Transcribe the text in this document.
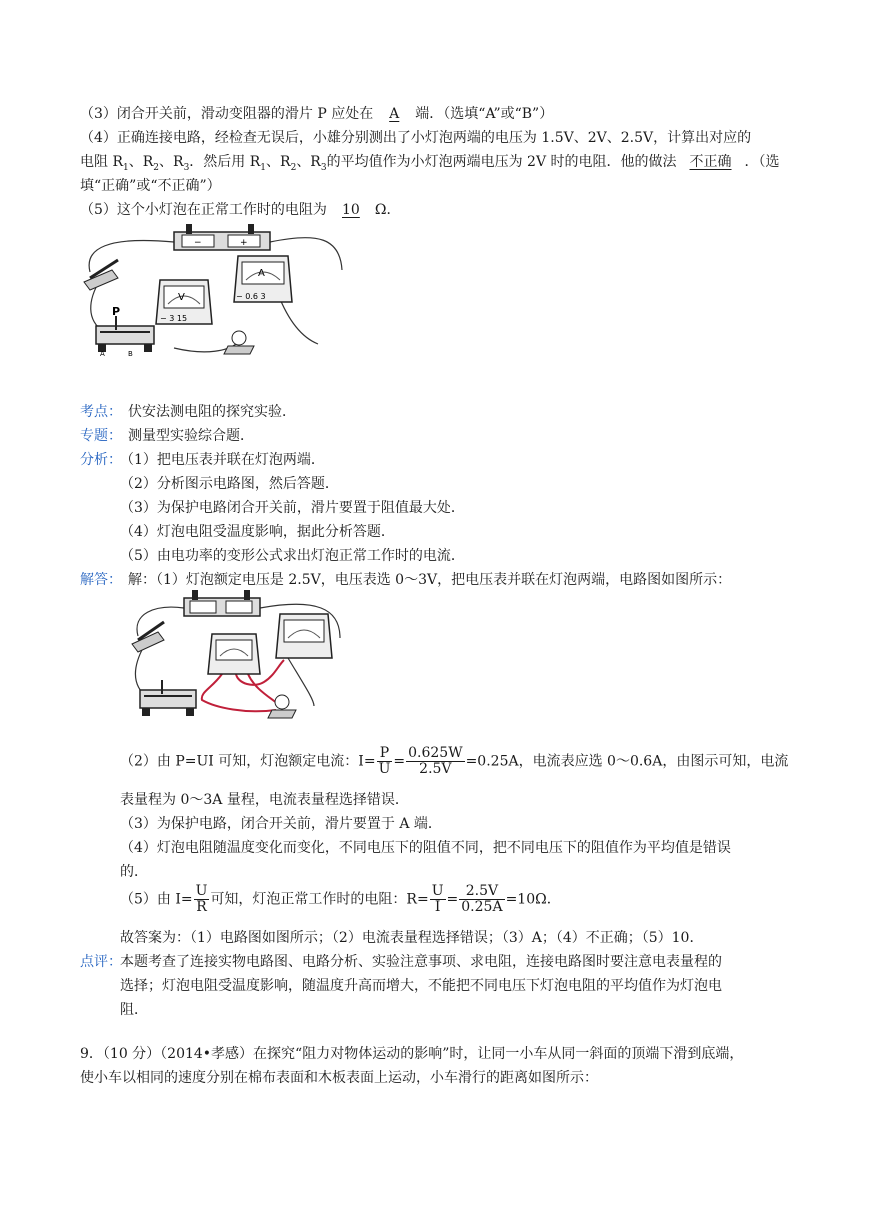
（3）闭合开关前，滑动变阻器的滑片 P 应处在 A 端．（选填“A”或“B”）
（4）正确连接电路，经检查无误后，小雄分别测出了小灯泡两端的电压为 1.5V、2V、2.5V，计算出对应的
电阻 $R_1$、$R_2$、$R_3$．然后用 $R_1$、$R_2$、$R_3$的平均值作为小灯泡两端电压为 2V 时的电阻．他的做法 不正确 ．（选
填“正确”或“不正确”）
（5）这个小灯泡在正常工作时的电阻为 10 Ω．
−	+
V
− 3 15
A
− 0.6 3
P
A	B
考点： 伏安法测电阻的探究实验．
专题： 测量型实验综合题．
分析：
（1）把电压表并联在灯泡两端．
（2）分析图示电路图，然后答题．
（3）为保护电路闭合开关前，滑片要置于阻值最大处．
（4）灯泡电阻受温度影响，据此分析答题．
（5）由电功率的变形公式求出灯泡正常工作时的电流．
解答： 解：（1）灯泡额定电压是 2.5V，电压表选 0～3V，把电压表并联在灯泡两端，电路图如图所示：
（2）由 P=UI 可知，灯泡额定电流：$I= \frac{P}{U} = \frac{0.625W}{2.5V} =0.25A$，电流表应选 0～0.6A，由图示可知，电流
表量程为 0～3A 量程，电流表量程选择错误．
（3）为保护电路，闭合开关前，滑片要置于 A 端．
（4）灯泡电阻随温度变化而变化，不同电压下的阻值不同，把不同电压下的阻值作为平均值是错误
的．
（5）由 $I= \frac{U}{R}$ 可知，灯泡正常工作时的电阻：$R= \frac{U}{I} = \frac{2.5V}{0.25A} =10\Omega$．
故答案为：（1）电路图如图所示；（2）电流表量程选择错误；（3）A；（4）不正确；（5）10．
点评：
本题考查了连接实物电路图、电路分析、实验注意事项、求电阻，连接电路图时要注意电表量程的
选择；灯泡电阻受温度影响，随温度升高而增大，不能把不同电压下灯泡电阻的平均值作为灯泡电
阻．
9．（10 分）（2014•孝感）在探究“阻力对物体运动的影响”时，让同一小车从同一斜面的顶端下滑到底端，
使小车以相同的速度分别在棉布表面和木板表面上运动，小车滑行的距离如图所示：
